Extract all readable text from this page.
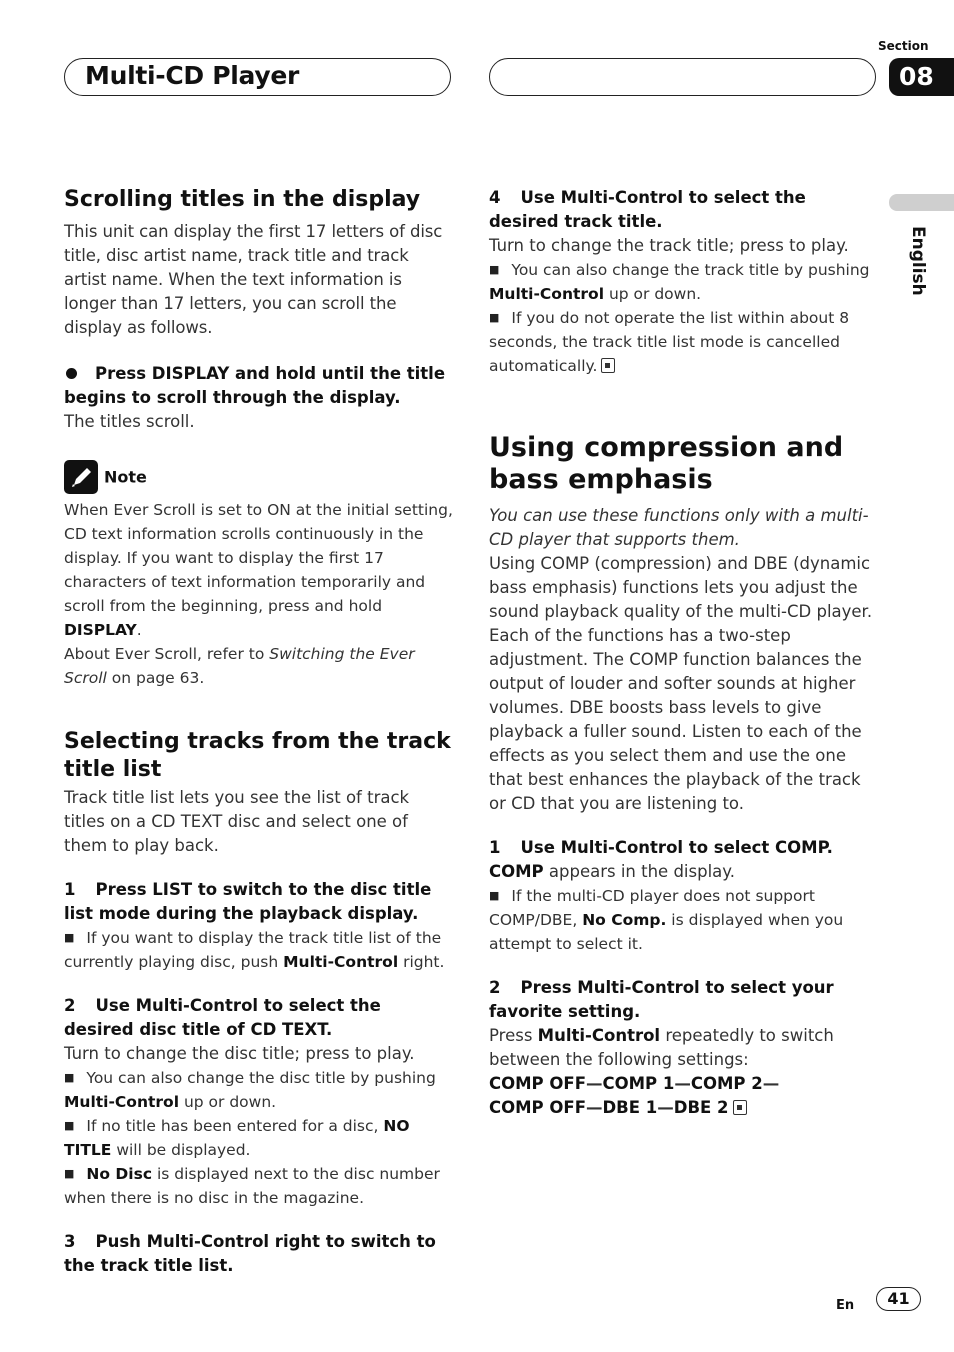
Multi-CD Player
Section
08
English
Scrolling titles in the display
This unit can display the first 17 letters of disc title, disc artist name, track title and track artist name. When the text information is longer than 17 letters, you can scroll the display as follows.
Press DISPLAY and hold until the title begins to scroll through the display.
The titles scroll.
Note
When Ever Scroll is set to ON at the initial setting, CD text information scrolls continuously in the display. If you want to display the first 17 characters of text information temporarily and scroll from the beginning, press and hold DISPLAY.
About Ever Scroll, refer to Switching the Ever Scroll on page 63.
Selecting tracks from the track title list
Track title list lets you see the list of track titles on a CD TEXT disc and select one of them to play back.
1 Press LIST to switch to the disc title list mode during the playback display.
■ If you want to display the track title list of the currently playing disc, push Multi-Control right.
2 Use Multi-Control to select the desired disc title of CD TEXT.
Turn to change the disc title; press to play.
■ You can also change the disc title by pushing Multi-Control up or down.
■ If no title has been entered for a disc, NO TITLE will be displayed.
■ No Disc is displayed next to the disc number when there is no disc in the magazine.
3 Push Multi-Control right to switch to the track title list.
4 Use Multi-Control to select the desired track title.
Turn to change the track title; press to play.
■ You can also change the track title by pushing Multi-Control up or down.
■ If you do not operate the list within about 8 seconds, the track title list mode is cancelled automatically.
Using compression and bass emphasis
You can use these functions only with a multi-CD player that supports them.
Using COMP (compression) and DBE (dynamic bass emphasis) functions lets you adjust the sound playback quality of the multi-CD player. Each of the functions has a two-step adjustment. The COMP function balances the output of louder and softer sounds at higher volumes. DBE boosts bass levels to give playback a fuller sound. Listen to each of the effects as you select them and use the one that best enhances the playback of the track or CD that you are listening to.
1 Use Multi-Control to select COMP.
COMP appears in the display.
■ If the multi-CD player does not support COMP/DBE, No Comp. is displayed when you attempt to select it.
2 Press Multi-Control to select your favorite setting.
Press Multi-Control repeatedly to switch between the following settings:
COMP OFF—COMP 1—COMP 2—
COMP OFF—DBE 1—DBE 2
En	41
